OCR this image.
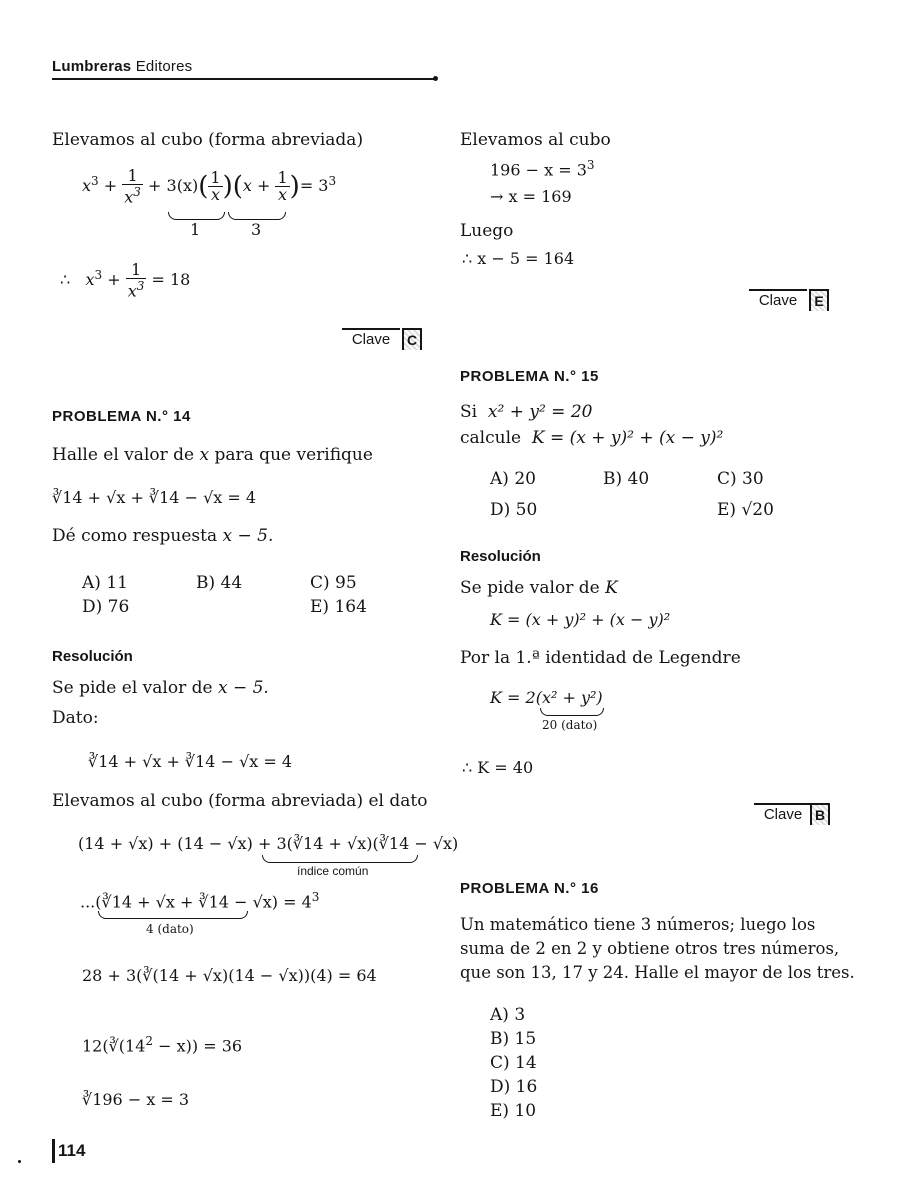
Lumbreras Editores
Elevamos al cubo (forma abreviada)
$x^3 + \frac{1}{x^3} + 3(x)( \frac{1}{x} )(x + \frac{1}{x}$ )= $3^3$
1	3
∴ $x^3 + \frac{1}{x^3} = 18$
Clave	C
PROBLEMA N.° 14
Halle el valor de x para que verifique
∛14 + √x + ∛14 − √x = 4
Dé como respuesta x − 5.
A) 11	B) 44	C) 95
D) 76	E) 164
Resolución
Se pide el valor de x − 5.
Dato:
∛14 + √x + ∛14 − √x = 4
Elevamos al cubo (forma abreviada) el dato
(14 + √x) + (14 − √x) + 3(∛14 + √x)(∛14 − √x)
índice común
...(∛14 + √x + ∛14 − $√x) = 4^3$
4 (dato)
28 + 3(∛(14 + √x)(14 − √x))(4) = 64
$12(∛(14^2 - x)) = 36$
∛196 − x = 3
114
Elevamos al cubo
$196 - x = 3^3$
→ x = 169
Luego
∴ x − 5 = 164
Clave	E
PROBLEMA N.° 15
Si x² + y² = 20
calcule K = (x + y)² + (x − y)²
A) 20	B) 40	C) 30
D) 50	E) √20
Resolución
Se pide valor de K
K = (x + y)² + (x − y)²
Por la 1.ª identidad de Legendre
K = 2(x² + y²)
20 (dato)
∴ K = 40
Clave B
PROBLEMA N.° 16
Un matemático tiene 3 números; luego los
suma de 2 en 2 y obtiene otros tres números,
que son 13, 17 y 24. Halle el mayor de los tres.
A) 3
B) 15
C) 14
D) 16
E) 10
